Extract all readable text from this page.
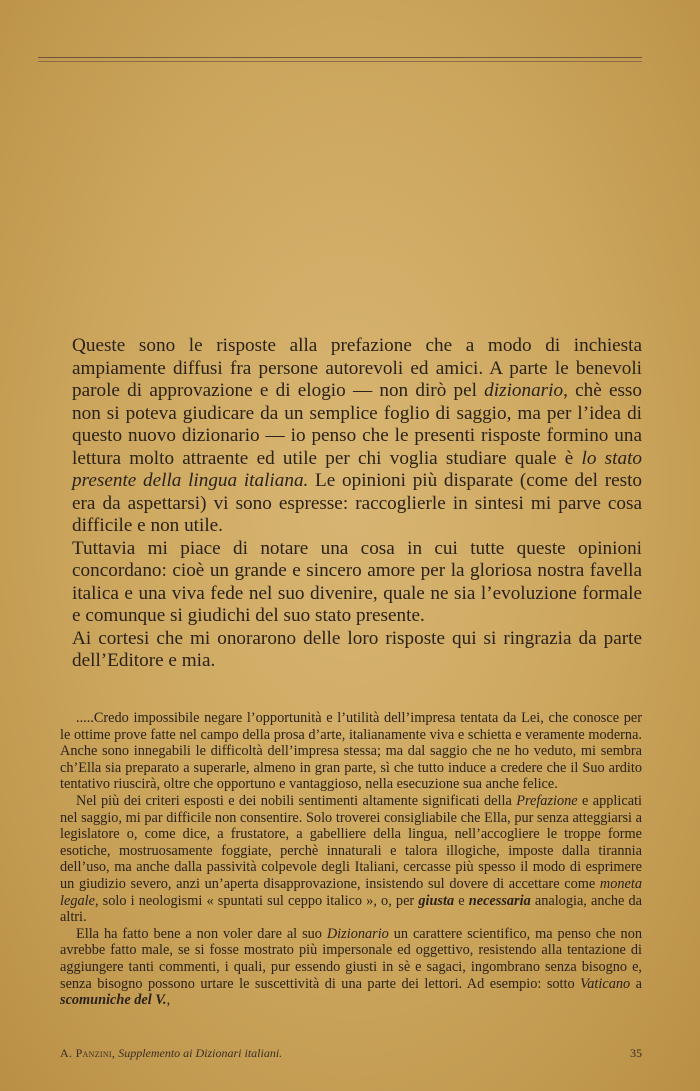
Queste sono le risposte alla prefazione che a modo di inchiesta ampiamente diffusi fra persone autorevoli ed amici. A parte le benevoli parole di approvazione e di elogio — non dirò pel dizionario, chè esso non si poteva giudicare da un semplice foglio di saggio, ma per l’idea di questo nuovo dizionario — io penso che le presenti risposte formino una lettura molto attraente ed utile per chi voglia studiare quale è lo stato presente della lingua italiana. Le opinioni più disparate (come del resto era da aspettarsi) vi sono espresse: raccoglierle in sintesi mi parve cosa difficile e non utile.

Tuttavia mi piace di notare una cosa in cui tutte queste opinioni concordano: cioè un grande e sincero amore per la gloriosa nostra favella italica e una viva fede nel suo divenire, quale ne sia l’evoluzione formale e comunque si giudichi del suo stato presente.

Ai cortesi che mi onorarono delle loro risposte qui si ringrazia da parte dell’Editore e mia.

.....Credo impossibile negare l’opportunità e l’utilità dell’impresa tentata da Lei, che conosce per le ottime prove fatte nel campo della prosa d’arte, italianamente viva e schietta e veramente moderna. Anche sono innegabili le difficoltà dell’impresa stessa; ma dal saggio che ne ho veduto, mi sembra ch’Ella sia preparato a superarle, almeno in gran parte, sì che tutto induce a credere che il Suo ardito tentativo riuscirà, oltre che opportuno e vantaggioso, nella esecuzione sua anche felice.

Nel più dei criteri esposti e dei nobili sentimenti altamente significati della Prefazione e applicati nel saggio, mi par difficile non consentire. Solo troverei consigliabile che Ella, pur senza atteggiarsi a legislatore o, come dice, a frustatore, a gabelliere della lingua, nell’accogliere le troppe forme esotiche, mostruosamente foggiate, perchè innaturali e talora illogiche, imposte dalla tirannia dell’uso, ma anche dalla passività colpevole degli Italiani, cercasse più spesso il modo di esprimere un giudizio severo, anzi un’aperta disapprovazione, insistendo sul dovere di accettare come moneta legale, solo i neologismi « spuntati sul ceppo italico », o, per giusta e necessaria analogia, anche da altri.

Ella ha fatto bene a non voler dare al suo Dizionario un carattere scientifico, ma penso che non avrebbe fatto male, se si fosse mostrato più impersonale ed oggettivo, resistendo alla tentazione di aggiungere tanti commenti, i quali, pur essendo giusti in sè e sagaci, ingombrano senza bisogno e, senza bisogno possono urtare le suscettività di una parte dei lettori. Ad esempio: sotto Vaticano a scomuniche del V.,

A. Panzini, Supplemento ai Dizionari italiani.	35
